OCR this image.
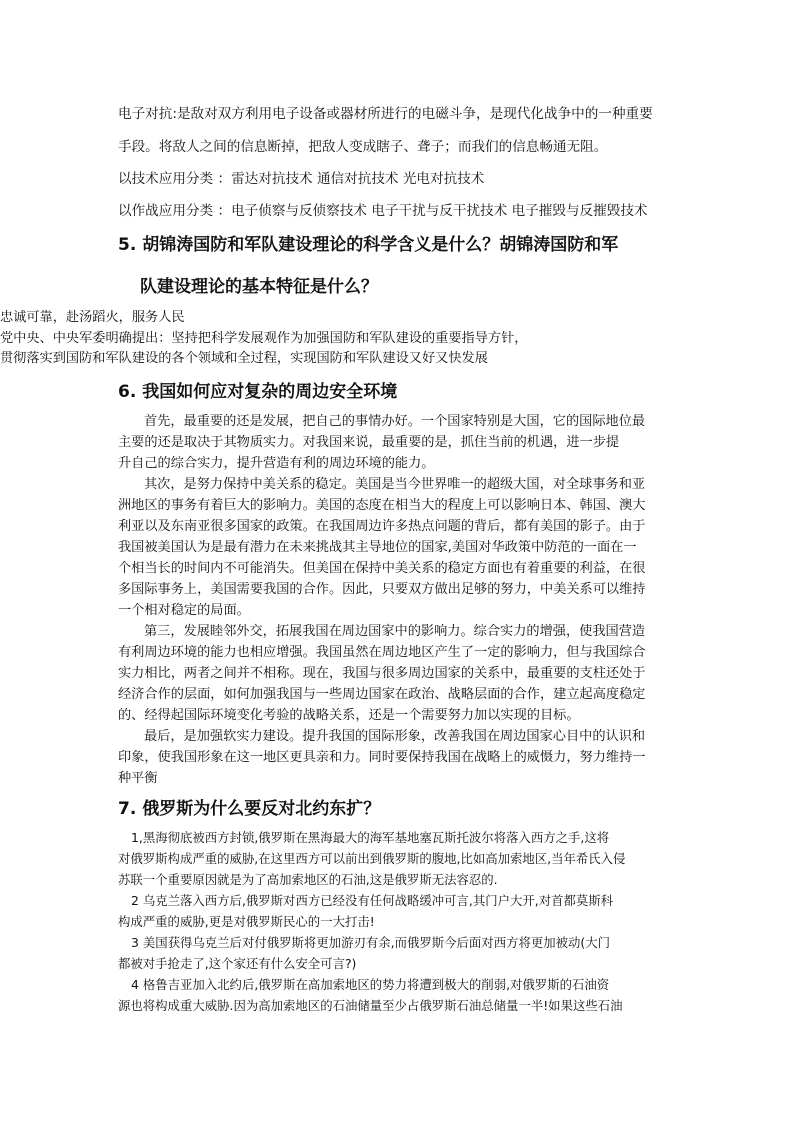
电子对抗:是敌对双方利用电子设备或器材所进行的电磁斗争，是现代化战争中的一种重要

手段。将敌人之间的信息断掉，把敌人变成瞎子、聋子；而我们的信息畅通无阻。

以技术应用分类 ：雷达对抗技术 通信对抗技术 光电对抗技术

以作战应用分类 ：电子侦察与反侦察技术 电子干扰与反干扰技术 电子摧毁与反摧毁技术

5. 胡锦涛国防和军队建设理论的科学含义是什么？胡锦涛国防和军
队建设理论的基本特征是什么？

忠诚可靠，赴汤蹈火，服务人民

党中央、中央军委明确提出：坚持把科学发展观作为加强国防和军队建设的重要指导方针，

贯彻落实到国防和军队建设的各个领域和全过程，实现国防和军队建设又好又快发展

6. 我国如何应对复杂的周边安全环境

首先，最重要的还是发展，把自己的事情办好。一个国家特别是大国，它的国际地位最

主要的还是取决于其物质实力。对我国来说，最重要的是，抓住当前的机遇，进一步提

升自己的综合实力，提升营造有利的周边环境的能力。

其次，是努力保持中美关系的稳定。美国是当今世界唯一的超级大国，对全球事务和亚

洲地区的事务有着巨大的影响力。美国的态度在相当大的程度上可以影响日本、韩国、澳大

利亚以及东南亚很多国家的政策。在我国周边许多热点问题的背后，都有美国的影子。由于

我国被美国认为是最有潜力在未来挑战其主导地位的国家,美国对华政策中防范的一面在一

个相当长的时间内不可能消失。但美国在保持中美关系的稳定方面也有着重要的利益，在很

多国际事务上，美国需要我国的合作。因此，只要双方做出足够的努力，中美关系可以维持

一个相对稳定的局面。

第三，发展睦邻外交，拓展我国在周边国家中的影响力。综合实力的增强，使我国营造

有利周边环境的能力也相应增强。我国虽然在周边地区产生了一定的影响力，但与我国综合

实力相比，两者之间并不相称。现在，我国与很多周边国家的关系中，最重要的支柱还处于

经济合作的层面，如何加强我国与一些周边国家在政治、战略层面的合作，建立起高度稳定

的、经得起国际环境变化考验的战略关系，还是一个需要努力加以实现的目标。

最后，是加强软实力建设。提升我国的国际形象，改善我国在周边国家心目中的认识和

印象，使我国形象在这一地区更具亲和力。同时要保持我国在战略上的威慑力，努力维持一

种平衡

7. 俄罗斯为什么要反对北约东扩？

1,黑海彻底被西方封锁,俄罗斯在黑海最大的海军基地塞瓦斯托波尔将落入西方之手,这将

对俄罗斯构成严重的威胁,在这里西方可以前出到俄罗斯的腹地,比如高加索地区,当年希氏入侵

苏联一个重要原因就是为了高加索地区的石油,这是俄罗斯无法容忍的.

2 乌克兰落入西方后,俄罗斯对西方已经没有任何战略缓冲可言,其门户大开,对首都莫斯科

构成严重的威胁,更是对俄罗斯民心的一大打击!

3 美国获得乌克兰后对付俄罗斯将更加游刃有余,而俄罗斯今后面对西方将更加被动(大门

都被对手抢走了,这个家还有什么安全可言?)

4 格鲁吉亚加入北约后,俄罗斯在高加索地区的势力将遭到极大的削弱,对俄罗斯的石油资

源也将构成重大威胁.因为高加索地区的石油储量至少占俄罗斯石油总储量一半!如果这些石油
